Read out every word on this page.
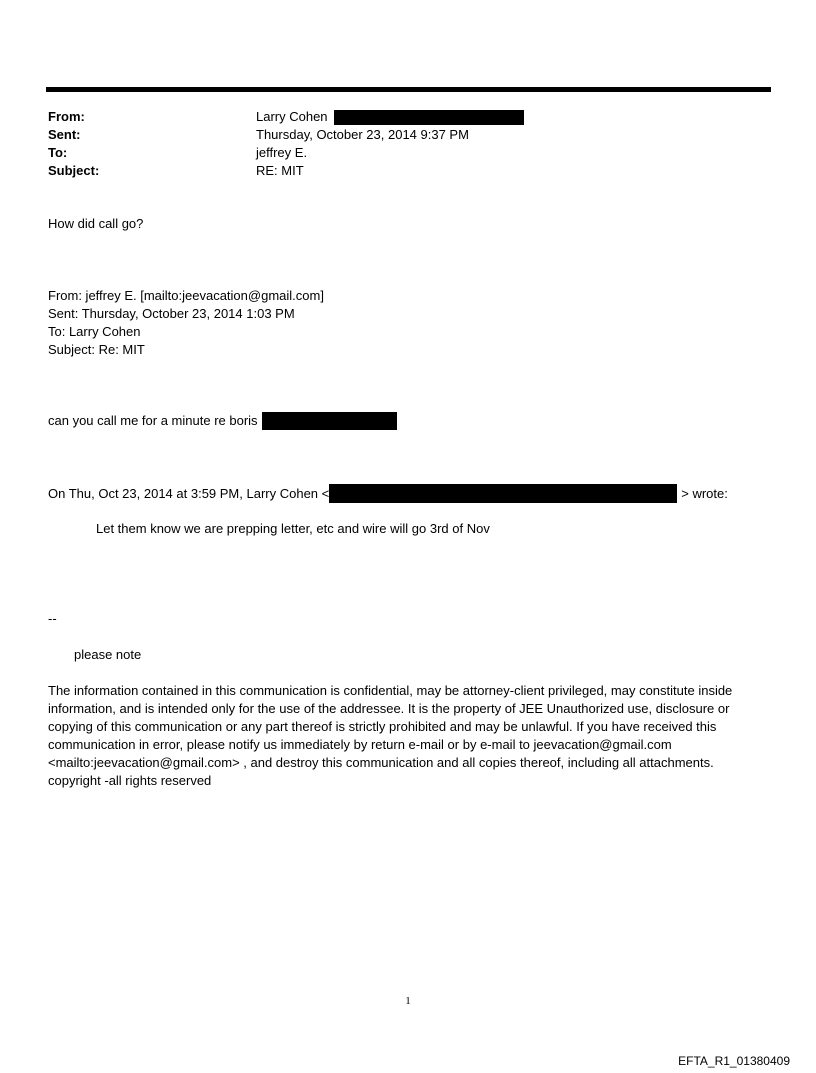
From:	Larry Cohen
Sent:	Thursday, October 23, 2014 9:37 PM
To:	jeffrey E.
Subject:	RE: MIT
How did call go?
From: jeffrey E. [mailto:jeevacation@gmail.com]
Sent: Thursday, October 23, 2014 1:03 PM
To: Larry Cohen
Subject: Re: MIT
can you call me for a minute re boris
On Thu, Oct 23, 2014 at 3:59 PM, Larry Cohen <	> wrote:
Let them know we are prepping letter, etc and wire will go 3rd of Nov
--
please note
The information contained in this communication is confidential, may be attorney-client privileged, may constitute inside information, and is intended only for the use of the addressee. It is the property of JEE Unauthorized use, disclosure or copying of this communication or any part thereof is strictly prohibited and may be unlawful. If you have received this communication in error, please notify us immediately by return e-mail or by e-mail to jeevacation@gmail.com <mailto:jeevacation@gmail.com> , and destroy this communication and all copies thereof, including all attachments. copyright -all rights reserved
1
EFTA_R1_01380409
